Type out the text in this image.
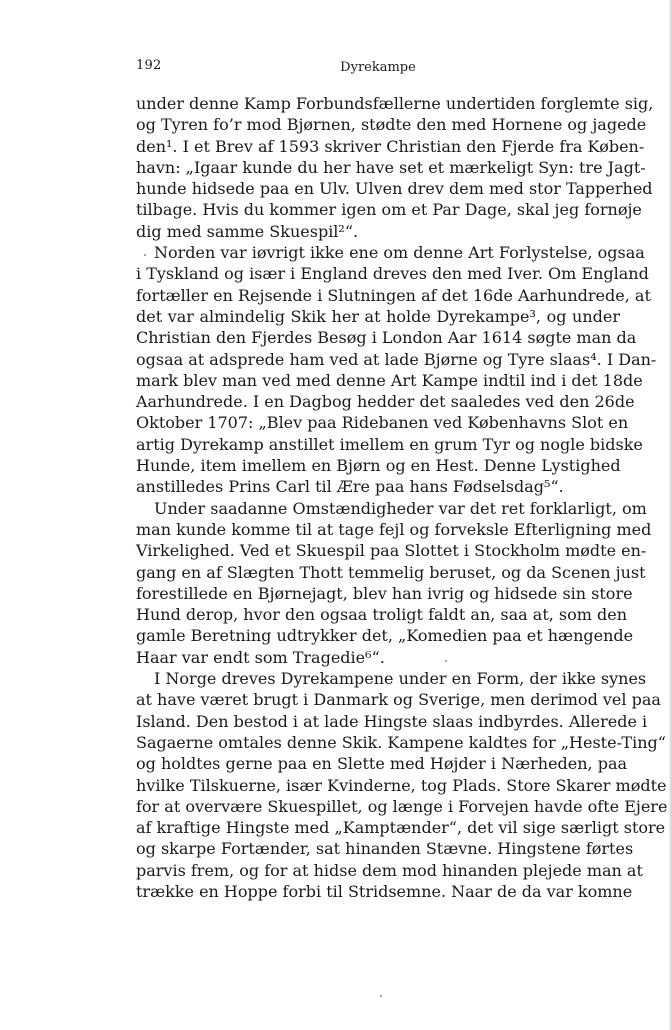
192	Dyrekampe
under denne Kamp Forbundsfællerne undertiden forglemte sig,
og Tyren fo’r mod Bjørnen, stødte den med Hornene og jagede
den¹. I et Brev af 1593 skriver Christian den Fjerde fra Køben-
havn: „Igaar kunde du her have set et mærkeligt Syn: tre Jagt-
hunde hidsede paa en Ulv. Ulven drev dem med stor Tapperhed
tilbage. Hvis du kommer igen om et Par Dage, skal jeg fornøje
dig med samme Skuespil²“.
Norden var iøvrigt ikke ene om denne Art Forlystelse, ogsaa
i Tyskland og især i England dreves den med Iver. Om England
fortæller en Rejsende i Slutningen af det 16de Aarhundrede, at
det var almindelig Skik her at holde Dyrekampe³, og under
Christian den Fjerdes Besøg i London Aar 1614 søgte man da
ogsaa at adsprede ham ved at lade Bjørne og Tyre slaas⁴. I Dan-
mark blev man ved med denne Art Kampe indtil ind i det 18de
Aarhundrede. I en Dagbog hedder det saaledes ved den 26de
Oktober 1707: „Blev paa Ridebanen ved Københavns Slot en
artig Dyrekamp anstillet imellem en grum Tyr og nogle bidske
Hunde, item imellem en Bjørn og en Hest. Denne Lystighed
anstilledes Prins Carl til Ære paa hans Fødselsdag⁵“.
Under saadanne Omstændigheder var det ret forklarligt, om
man kunde komme til at tage fejl og forveksle Efterligning med
Virkelighed. Ved et Skuespil paa Slottet i Stockholm mødte en-
gang en af Slægten Thott temmelig beruset, og da Scenen just
forestillede en Bjørnejagt, blev han ivrig og hidsede sin store
Hund derop, hvor den ogsaa troligt faldt an, saa at, som den
gamle Beretning udtrykker det, „Komedien paa et hængende
Haar var endt som Tragedie⁶“.
I Norge dreves Dyrekampene under en Form, der ikke synes
at have været brugt i Danmark og Sverige, men derimod vel paa
Island. Den bestod i at lade Hingste slaas indbyrdes. Allerede i
Sagaerne omtales denne Skik. Kampene kaldtes for „Heste-Ting“
og holdtes gerne paa en Slette med Højder i Nærheden, paa
hvilke Tilskuerne, især Kvinderne, tog Plads. Store Skarer mødte
for at overvære Skuespillet, og længe i Forvejen havde ofte Ejere
af kraftige Hingste med „Kamptænder“, det vil sige særligt store
og skarpe Fortænder, sat hinanden Stævne. Hingstene førtes
parvis frem, og for at hidse dem mod hinanden plejede man at
trække en Hoppe forbi til Stridsemne. Naar de da var komne
